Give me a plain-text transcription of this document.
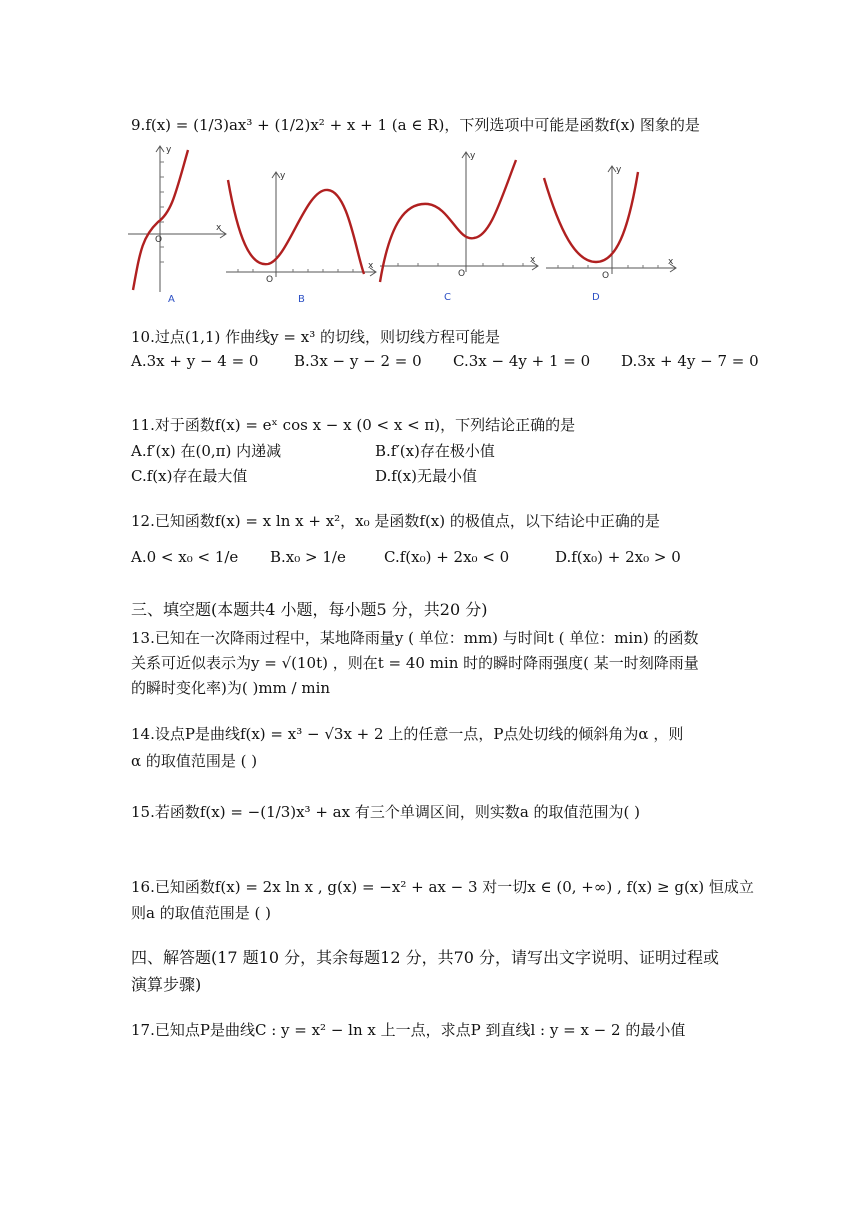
9.f(x) = (1/3)ax³ + (1/2)x² + x + 1 (a ∈ R)，下列选项中可能是函数f(x) 图象的是
y
x
O
A
y
x
O
B
y
x
O
C
y
x
O
D
10.过点(1,1) 作曲线y = x³ 的切线，则切线方程可能是
A.3x + y − 4 = 0 B.3x − y − 2 = 0 C.3x − 4y + 1 = 0 D.3x + 4y − 7 = 0
11.对于函数f(x) = eˣ cos x − x (0 < x < π)，下列结论正确的是
A.f′(x) 在(0,π) 内递减	B.f′(x)存在极小值
C.f(x)存在最大值	D.f(x)无最小值
12.已知函数f(x) = x ln x + x²，x₀ 是函数f(x) 的极值点，以下结论中正确的是
A.0 < x₀ < 1/e B.x₀ > 1/e	C.f(x₀) + 2x₀ < 0	D.f(x₀) + 2x₀ > 0
三、填空题(本题共4 小题，每小题5 分，共20 分)
13.已知在一次降雨过程中，某地降雨量y ( 单位：mm) 与时间t ( 单位：min) 的函数
关系可近似表示为y = √(10t) ，则在t = 40 min 时的瞬时降雨强度( 某一时刻降雨量
的瞬时变化率)为( )mm / min
14.设点P是曲线f(x) = x³ − √3x + 2 上的任意一点，P点处切线的倾斜角为α ，则
α 的取值范围是 ( )
15.若函数f(x) = −(1/3)x³ + ax 有三个单调区间，则实数a 的取值范围为( )
16.已知函数f(x) = 2x ln x , g(x) = −x² + ax − 3 对一切x ∈ (0, +∞) , f(x) ≥ g(x) 恒成立
则a 的取值范围是 ( )
四、解答题(17 题10 分，其余每题12 分，共70 分，请写出文字说明、证明过程或
演算步骤)
17.已知点P是曲线C : y = x² − ln x 上一点，求点P 到直线l : y = x − 2 的最小值
